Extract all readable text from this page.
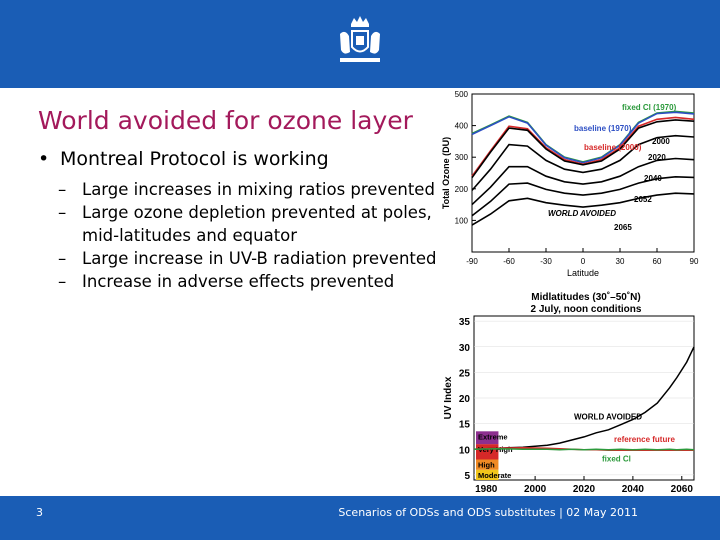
World avoided for ozone layer
• Montreal Protocol is working
– Large increases in mixing ratios prevented
– Large ozone depletion prevented at poles, mid-latitudes and equator
– Large increase in UV-B radiation prevented
– Increase in adverse effects prevented
-90	-60	-30	0	30	60	90
100
200
300
400
500
Latitude
Total Ozone (DU)
fixed Cl (1970)
baseline (1970)
baseline (2000)
2000
2020
2040
2052
2065
WORLD AVOIDED
Midlatitudes (30˚–50˚N)
2 July, noon conditions
5
10
15
20
25
30
35
1980	2000	2020	2040	2060
UV Index
Moderate
High
Very High
Extreme
WORLD AVOIDED
reference future
fixed Cl
3	Scenarios of ODSs and ODS substitutes | 02 May 2011
